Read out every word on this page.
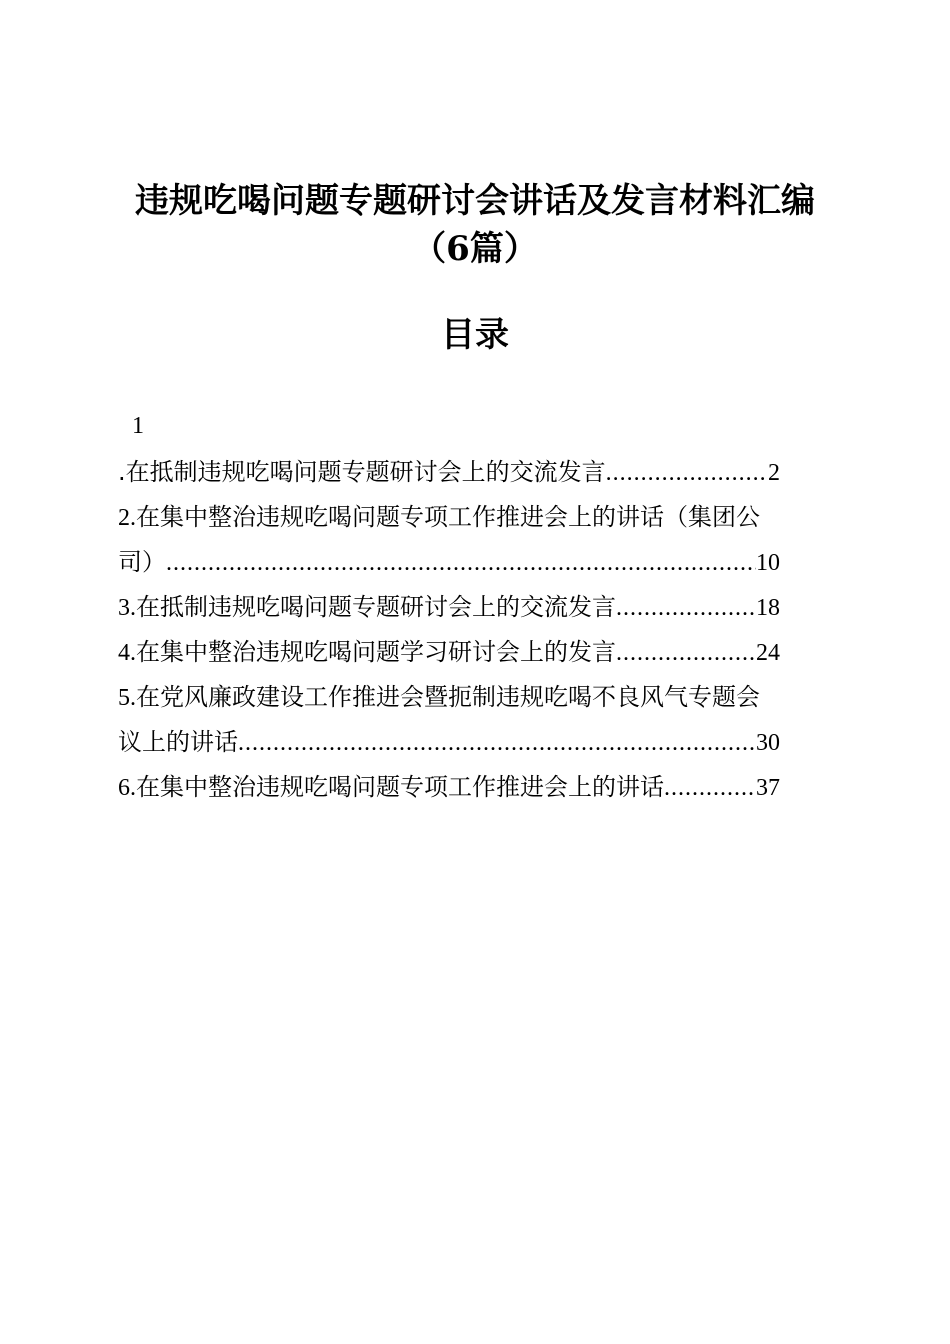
违规吃喝问题专题研讨会讲话及发言材料汇编
（6篇）
目录
1
.在抵制违规吃喝问题专题研讨会上的交流发言 .....	2
2.在集中整治违规吃喝问题专项工作推进会上的讲话（集团公
司） .....	10
3.在抵制违规吃喝问题专题研讨会上的交流发言 .....	18
4.在集中整治违规吃喝问题学习研讨会上的发言 .....	24
5.在党风廉政建设工作推进会暨扼制违规吃喝不良风气专题会
议上的讲话 .....	30
6.在集中整治违规吃喝问题专项工作推进会上的讲话 .....	37
